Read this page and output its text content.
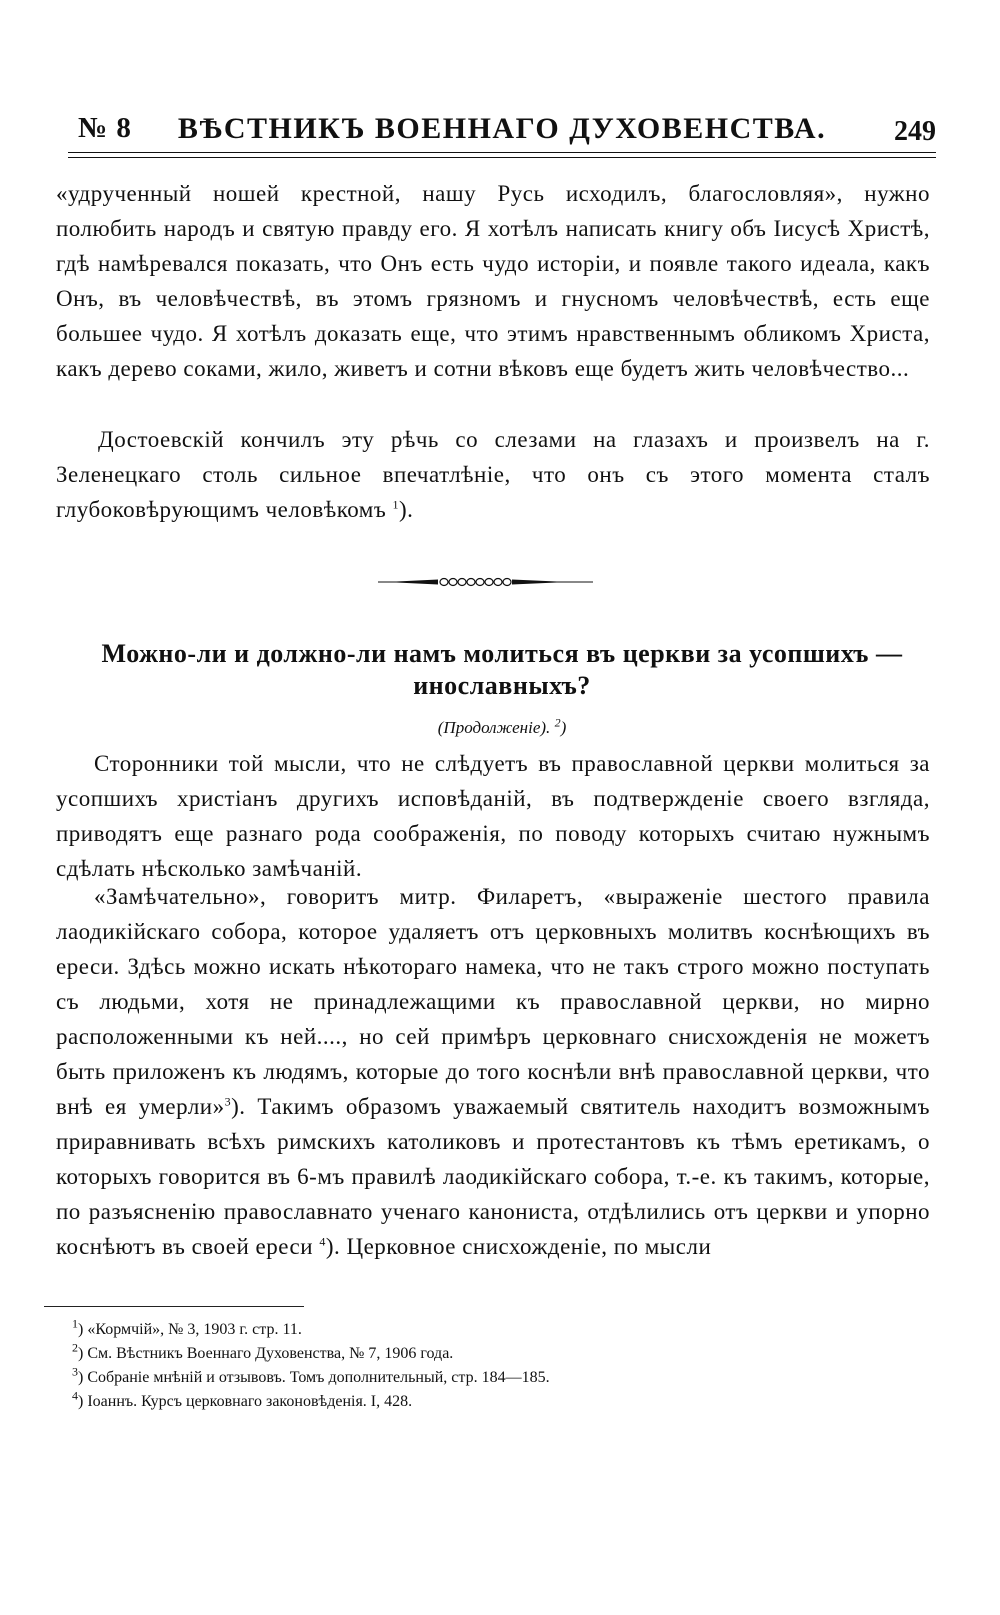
№ 8	ВѢСТНИКЪ ВОЕННАГО ДУХОВЕНСТВА.	249

«удрученный ношей крестной, нашу Русь исходилъ, благословляя», нужно полюбить народъ и святую правду его. Я хотѣлъ написать книгу объ Іисусѣ Христѣ, гдѣ намѣревался показать, что Онъ есть чудо исторіи, и появле такого идеала, какъ Онъ, въ человѣчествѣ, въ этомъ грязномъ и гнусномъ человѣчествѣ, есть еще большее чудо. Я хотѣлъ доказать еще, что этимъ нравственнымъ обликомъ Христа, какъ дерево соками, жило, живетъ и сотни вѣковъ еще будетъ жить человѣчество...

Достоевскій кончилъ эту рѣчь со слезами на глазахъ и произвелъ на г. Зеленецкаго столь сильное впечатлѣніе, что онъ съ этого момента сталъ глубоковѣрующимъ человѣкомъ $^1$).

Можно-ли и должно-ли намъ молиться въ церкви за усопшихъ — инославныхъ?
(Продолженіе). $^2$)

Сторонники той мысли, что не слѣдуетъ въ православной церкви молиться за усопшихъ христіанъ другихъ исповѣданій, въ подтвержденіе своего взгляда, приводятъ еще разнаго рода соображенія, по поводу которыхъ считаю нужнымъ сдѣлать нѣсколько замѣчаній.

«Замѣчательно», говоритъ митр. Филаретъ, «выраженіе шестого правила лаодикійскаго собора, которое удаляетъ отъ церковныхъ молитвъ коснѣющихъ въ ереси. Здѣсь можно искать нѣкотораго намека, что не такъ строго можно поступать съ людьми, хотя не принадлежащими къ православной церкви, но мирно расположенными къ ней...., но сей примѣръ церковнаго снисхожденія не можетъ быть приложенъ къ людямъ, которые до того коснѣли внѣ православной церкви, что внѣ ея умерли»$^3$). Такимъ образомъ уважаемый святитель находитъ возможнымъ приравнивать всѣхъ римскихъ католиковъ и протестантовъ къ тѣмъ еретикамъ, о которыхъ говорится въ 6-мъ правилѣ лаодикійскаго собора, т.-е. къ такимъ, которые, по разъясненію православнато ученаго канониста, отдѣлились отъ церкви и упорно коснѣютъ въ своей ереси $^4$). Церковное снисхожденіе, по мысли

$^1$) «Кормчій», № 3, 1903 г. стр. 11.
$^2$) См. Вѣстникъ Военнаго Духовенства, № 7, 1906 года.
$^3$) Собраніе мнѣній и отзывовъ. Томъ дополнительный, стр. 184—185.
$^4$) Іоаннъ. Курсъ церковнаго законовѣденія. I, 428.
